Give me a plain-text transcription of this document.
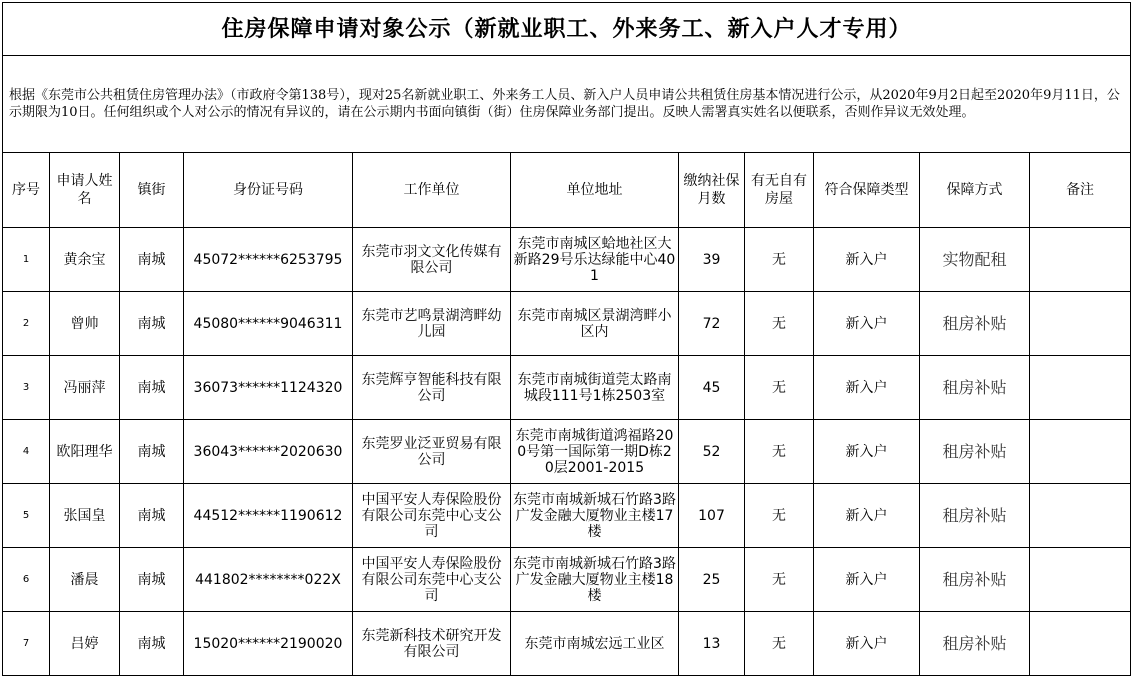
住房保障申请对象公示（新就业职工、外来务工、新入户人才专用）										
根据《东莞市公共租赁住房管理办法》（市政府令第138号），现对25名新就业职工、外来务工人员、新入户人员申请公共租赁住房基本情况进行公示，从2020年9月2日起至2020年9月11日，公示期限为10日。任何组织或个人对公示的情况有异议的，请在公示期内书面向镇街（街）住房保障业务部门提出。反映人需署真实姓名以便联系，否则作异议无效处理。										
序号	申请人姓名	镇街	身份证号码	工作单位	单位地址	缴纳社保月数	有无自有房屋	符合保障类型	保障方式	备注
1	黄余宝	南城	45072******6253795	东莞市羽文文化传媒有限公司	东莞市南城区蛤地社区大新路29号乐达绿能中心401	39	无	新入户	实物配租	
2	曾帅	南城	45080******9046311	东莞市艺鸣景湖湾畔幼儿园	东莞市南城区景湖湾畔小区内	72	无	新入户	租房补贴	
3	冯丽萍	南城	36073******1124320	东莞辉亨智能科技有限公司	东莞市南城街道莞太路南城段111号1栋2503室	45	无	新入户	租房补贴	
4	欧阳理华	南城	36043******2020630	东莞罗业泛亚贸易有限公司	东莞市南城街道鸿福路200号第一国际第一期D栋20层2001-2015	52	无	新入户	租房补贴	
5	张国皇	南城	44512******1190612	中国平安人寿保险股份有限公司东莞中心支公司	东莞市南城新城石竹路3路广发金融大厦物业主楼17楼	107	无	新入户	租房补贴	
6	潘晨	南城	441802********022X	中国平安人寿保险股份有限公司东莞中心支公司	东莞市南城新城石竹路3路广发金融大厦物业主楼18楼	25	无	新入户	租房补贴	
7	吕婷	南城	15020******2190020	东莞新科技术研究开发有限公司	东莞市南城宏远工业区	13	无	新入户	租房补贴	
